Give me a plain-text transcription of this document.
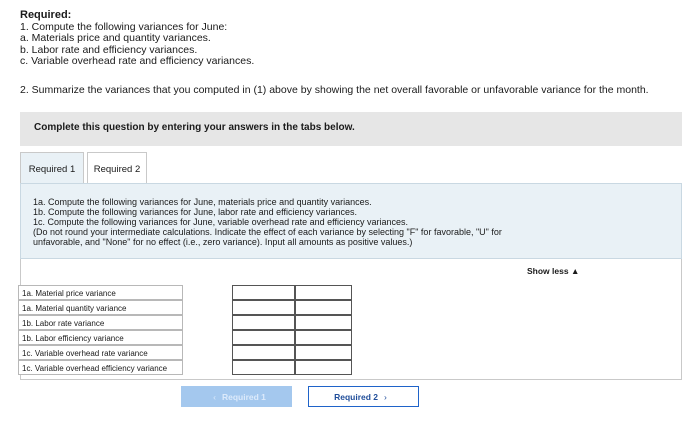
Required:
1. Compute the following variances for June:
a. Materials price and quantity variances.
b. Labor rate and efficiency variances.
c. Variable overhead rate and efficiency variances.
2. Summarize the variances that you computed in (1) above by showing the net overall favorable or unfavorable variance for the month.
Complete this question by entering your answers in the tabs below.
Required 1	Required 2
1a. Compute the following variances for June, materials price and quantity variances.
1b. Compute the following variances for June, labor rate and efficiency variances.
1c. Compute the following variances for June, variable overhead rate and efficiency variances.
(Do not round your intermediate calculations. Indicate the effect of each variance by selecting "F" for favorable, "U" for
unfavorable, and "None" for no effect (i.e., zero variance). Input all amounts as positive values.)
Show less ▲
1a. Material price variance
1a. Material quantity variance
1b. Labor rate variance
1b. Labor efficiency variance
1c. Variable overhead rate variance
1c. Variable overhead efficiency variance
‹ Required 1	Required 2 ›
